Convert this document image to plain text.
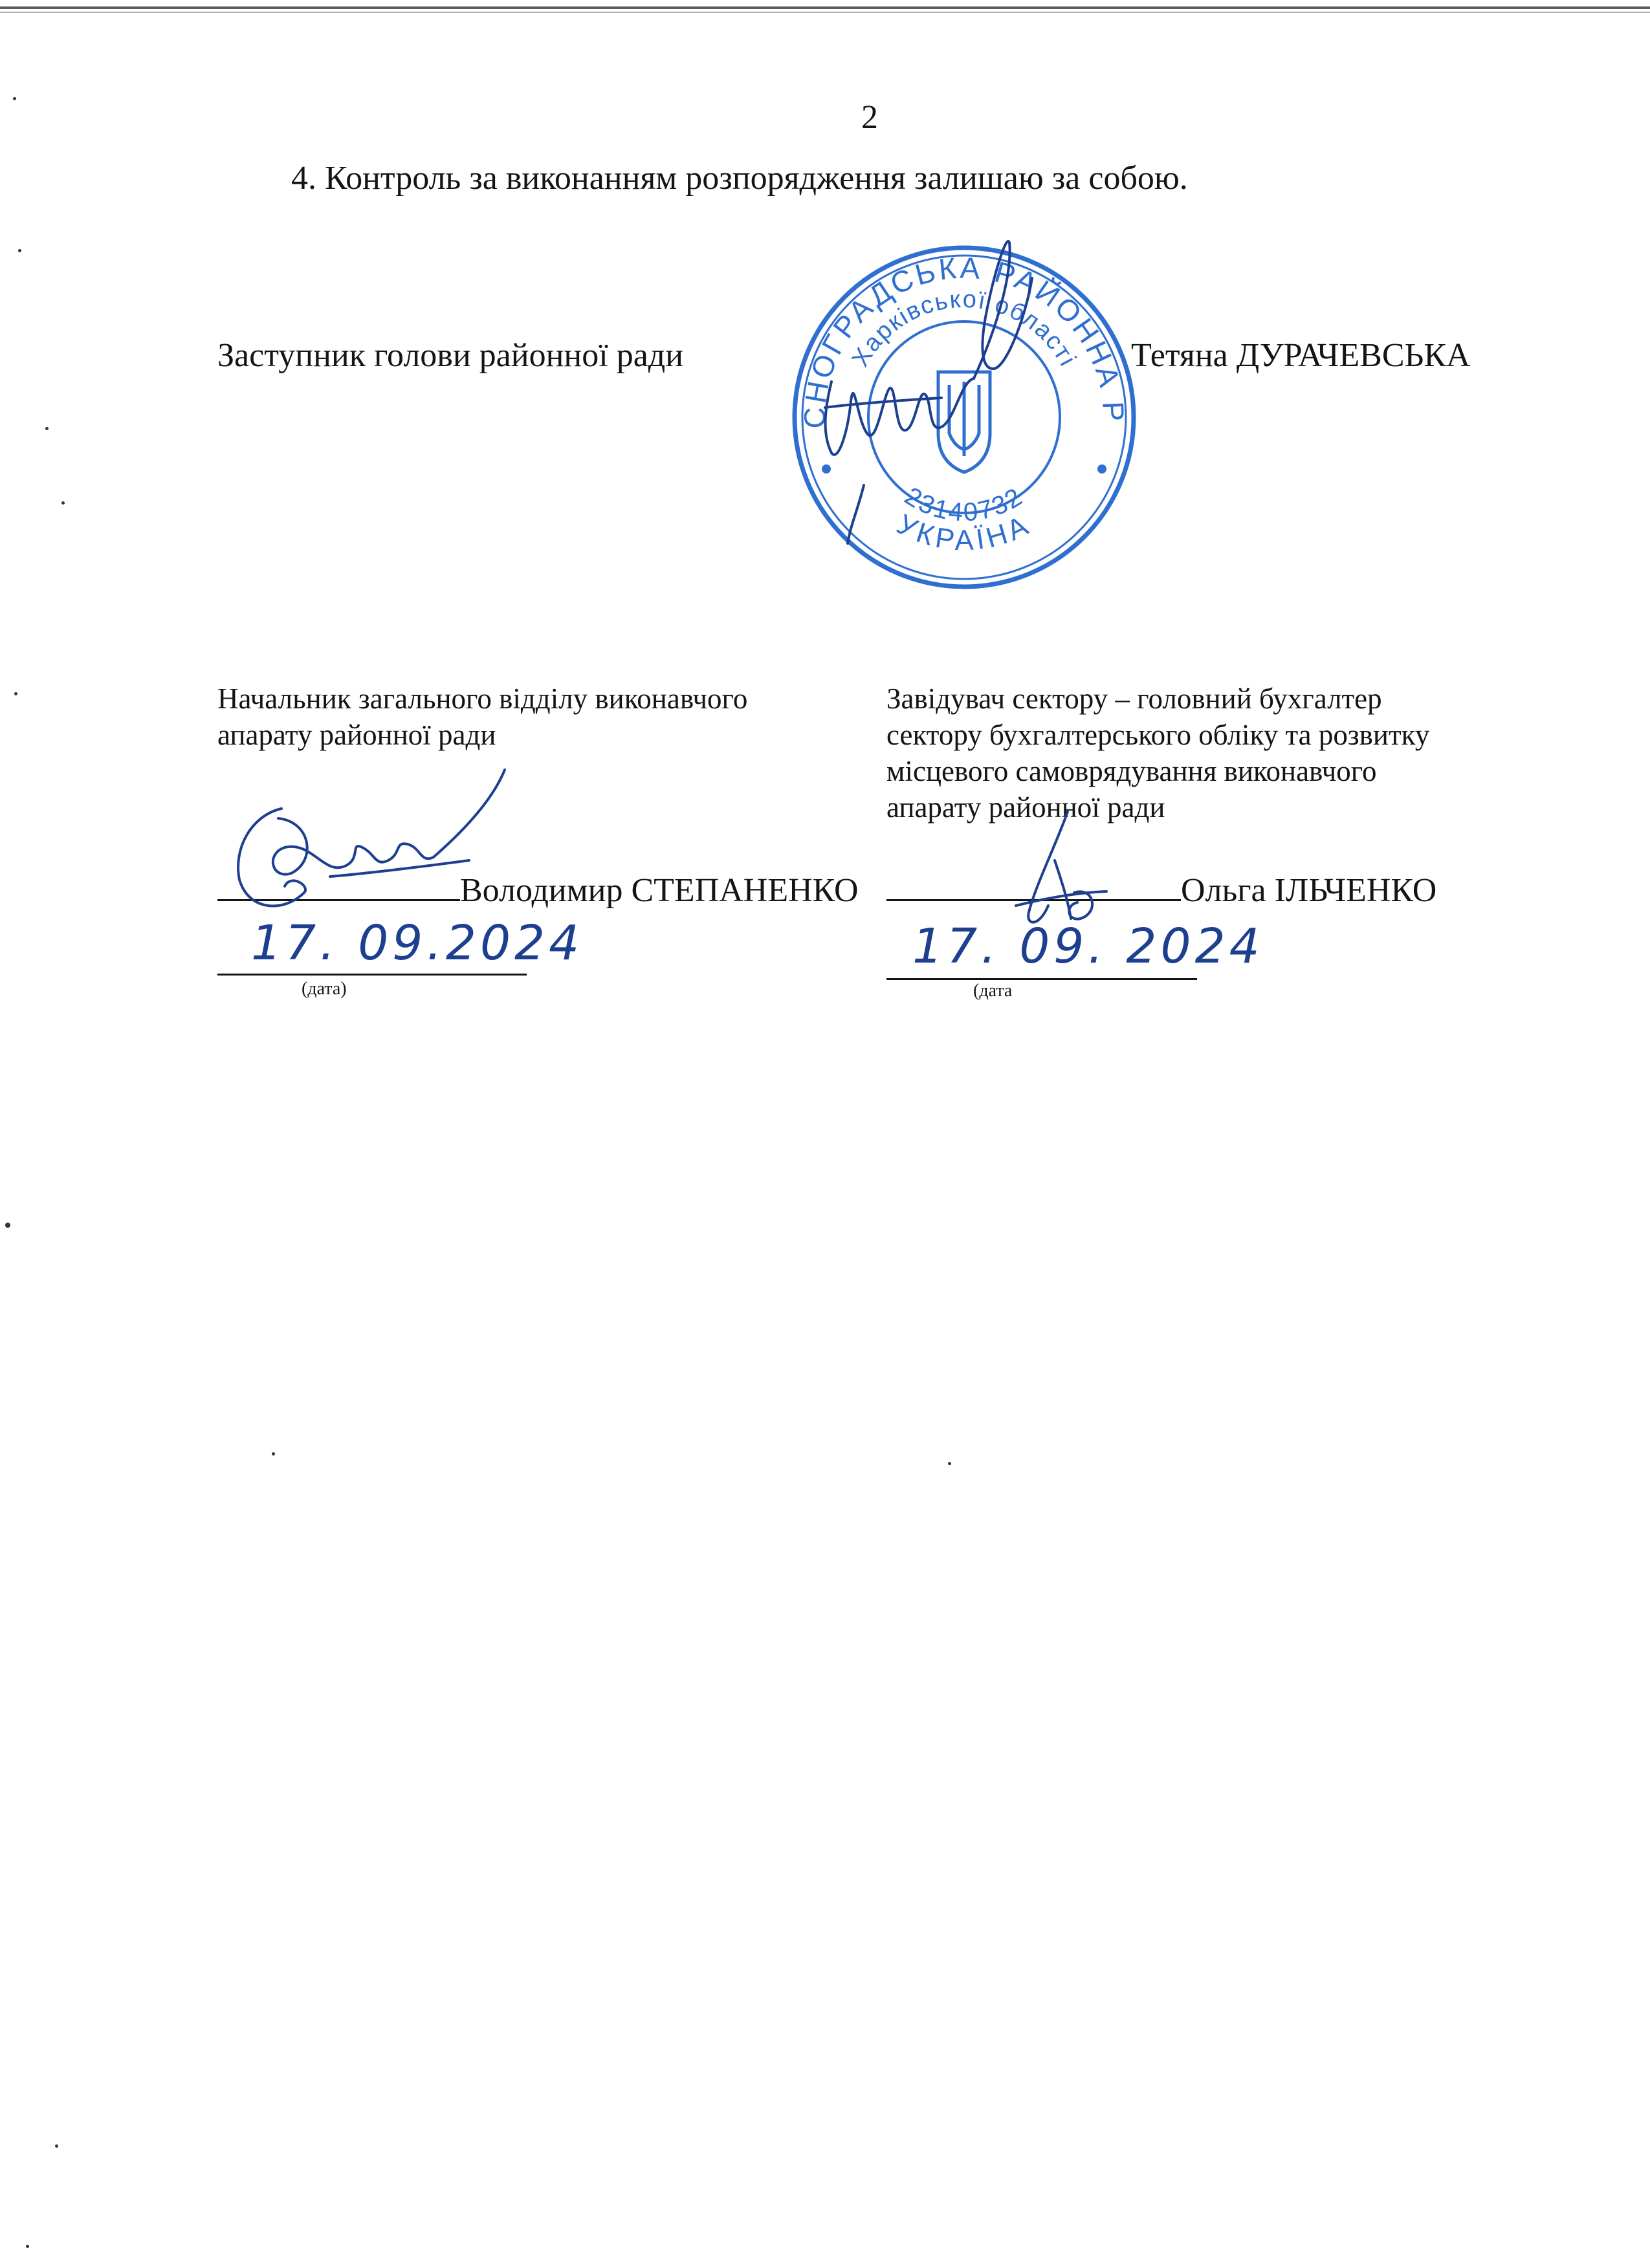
2
4. Контроль за виконанням розпорядження залишаю за собою.
Заступник голови районної ради	Тетяна ДУРАЧЕВСЬКА
КРАСНОГРАДСЬКА РАЙОННА РАДА
Харківської області
УКРАЇНА
23140732
Начальник загального відділу виконавчого
апарату районної ради
Володимир СТЕПАНЕНКО
17. 09.2024
(дата)
Завідувач сектору – головний бухгалтер
сектору бухгалтерського обліку та розвитку
місцевого самоврядування виконавчого
апарату районної ради
Ольга ІЛЬЧЕНКО
17. 09. 2024
(дата
